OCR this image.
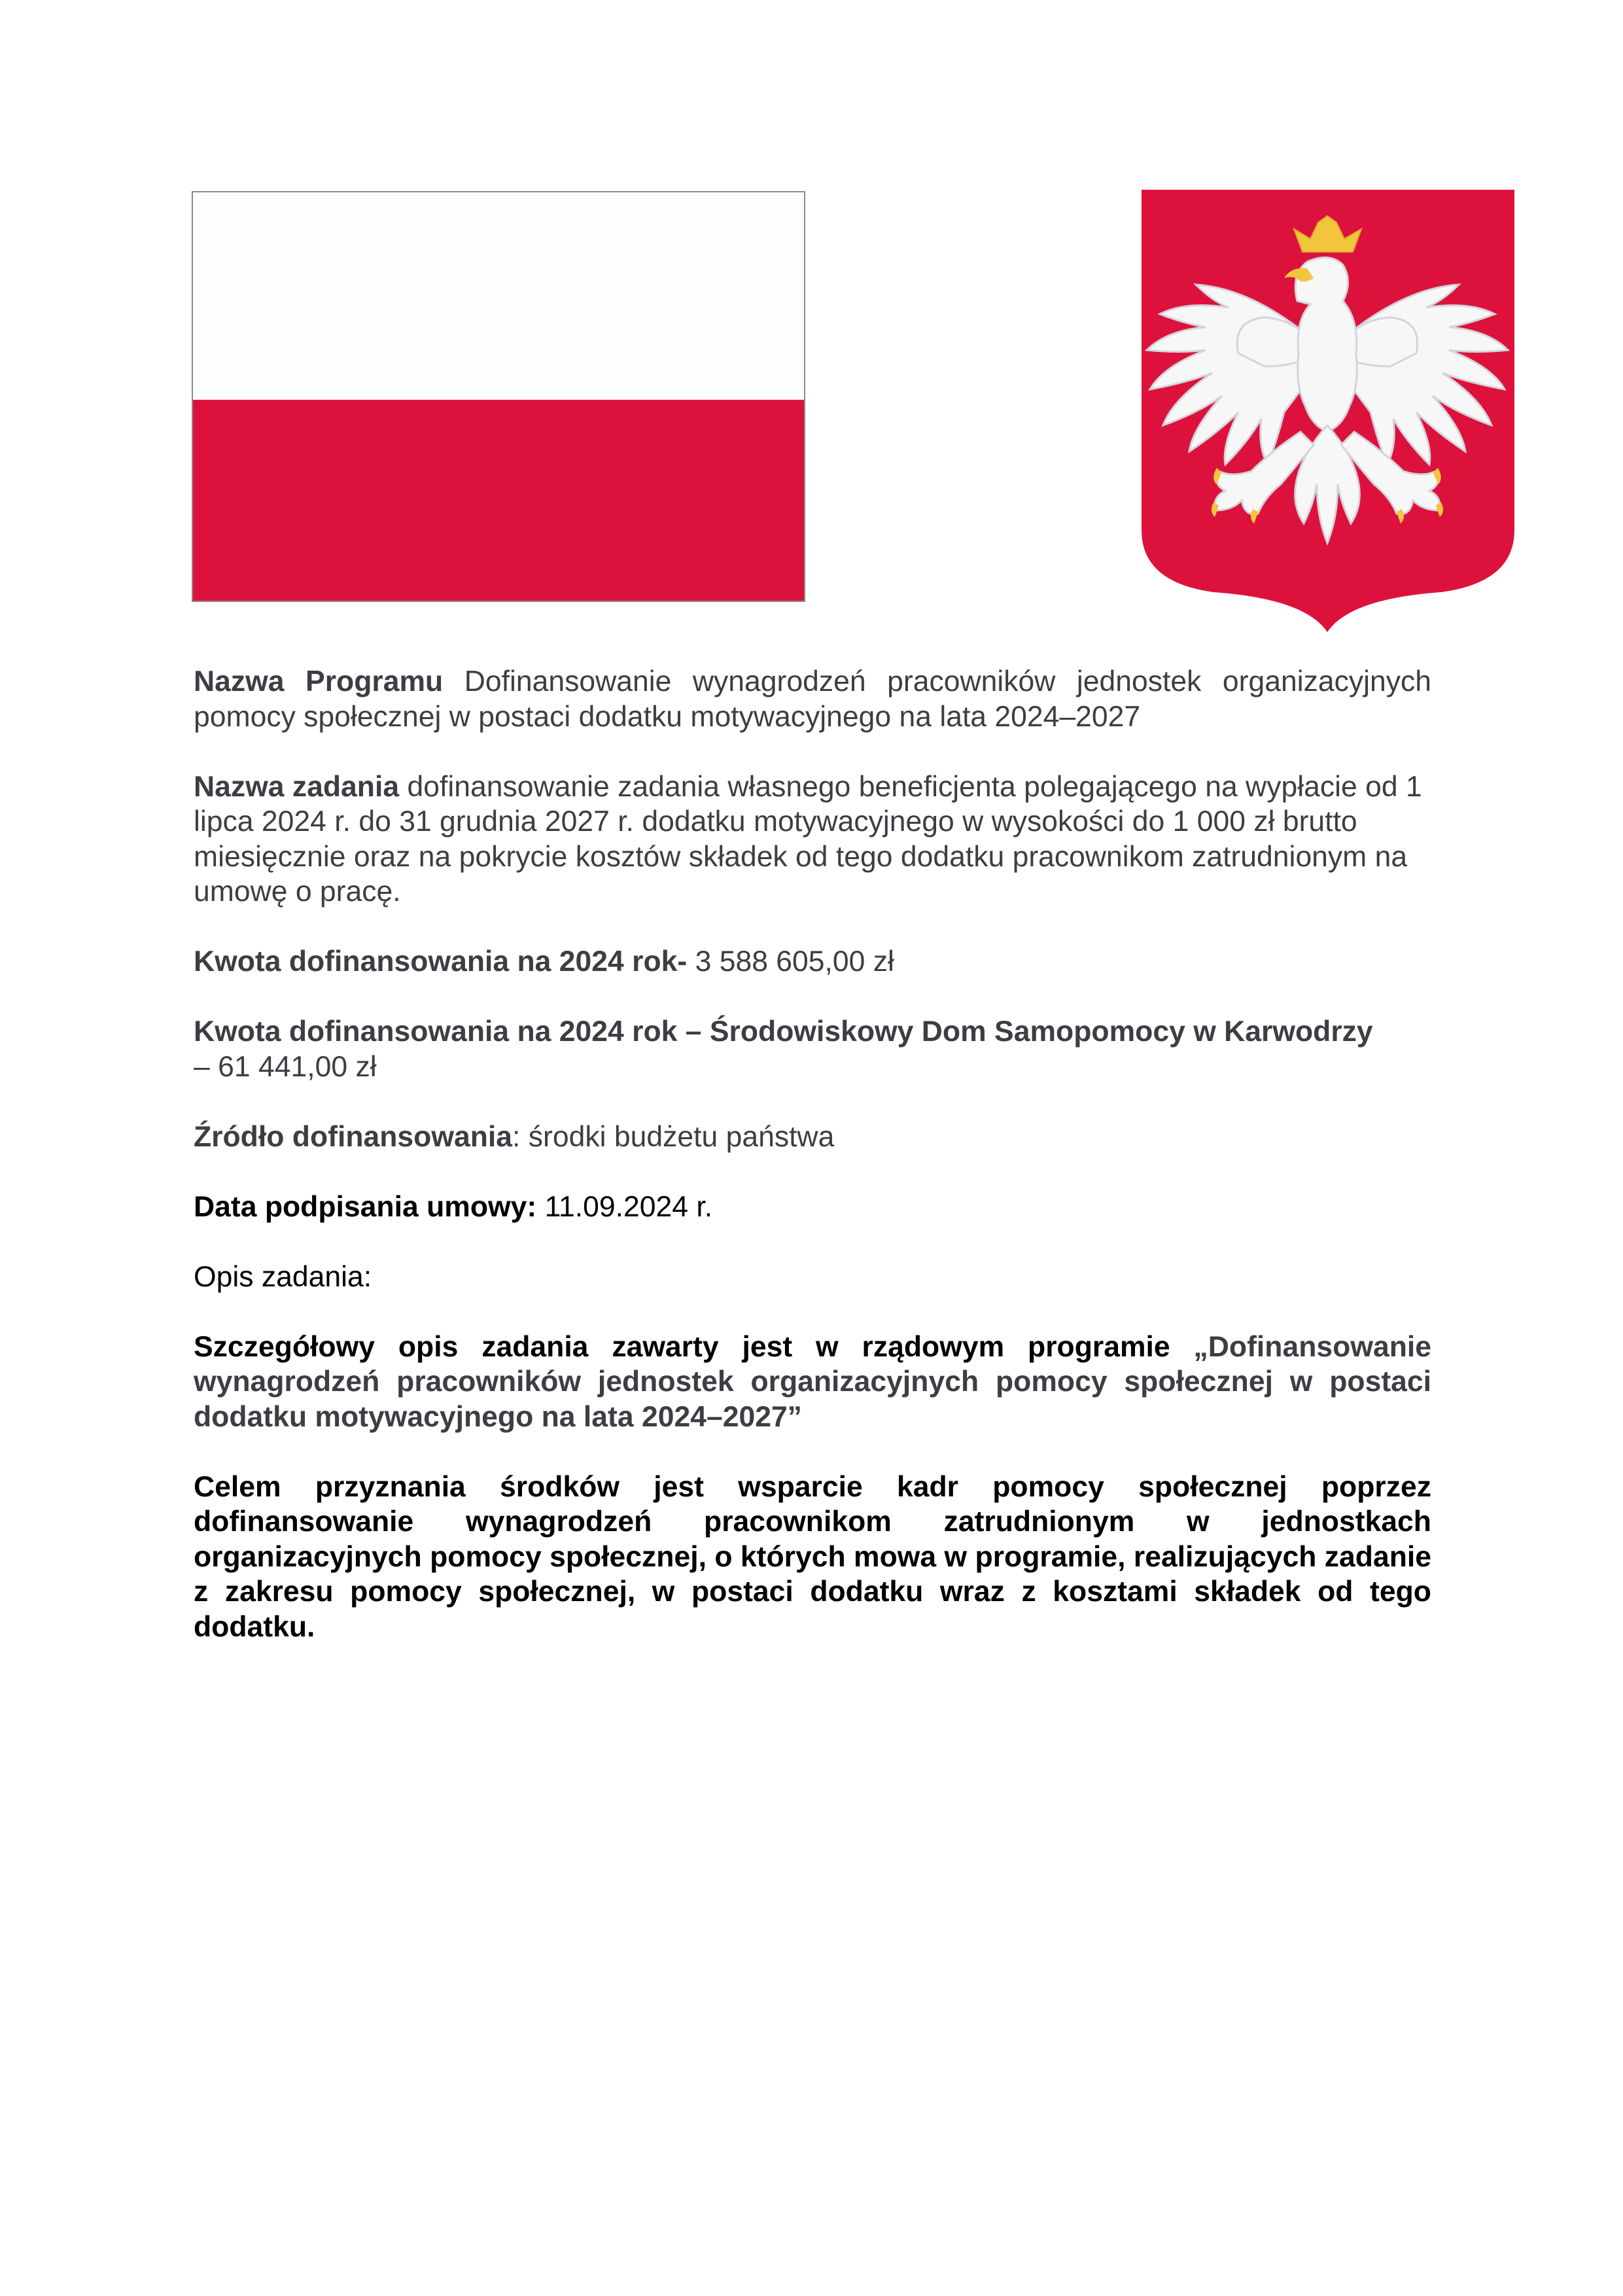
Nazwa Programu Dofinansowanie wynagrodzeń pracowników jednostek organizacyjnych pomocy społecznej w postaci dodatku motywacyjnego na lata 2024–2027

Nazwa zadania dofinansowanie zadania własnego beneficjenta polegającego na wypłacie od 1 lipca 2024 r. do 31 grudnia 2027 r. dodatku motywacyjnego w wysokości do 1 000 zł brutto miesięcznie oraz na pokrycie kosztów składek od tego dodatku pracownikom zatrudnionym na umowę o pracę.

Kwota dofinansowania na 2024 rok- 3 588 605,00 zł

Kwota dofinansowania na 2024 rok – Środowiskowy Dom Samopomocy w Karwodrzy
– 61 441,00 zł

Źródło dofinansowania: środki budżetu państwa

Data podpisania umowy: 11.09.2024 r.

Opis zadania:

Szczegółowy opis zadania zawarty jest w rządowym programie „Dofinansowanie wynagrodzeń pracowników jednostek organizacyjnych pomocy społecznej w postaci dodatku motywacyjnego na lata 2024–2027”

Celem przyznania środków jest wsparcie kadr pomocy społecznej poprzez dofinansowanie wynagrodzeń pracownikom zatrudnionym w jednostkach organizacyjnych pomocy społecznej, o których mowa w programie, realizujących zadanie z zakresu pomocy społecznej, w postaci dodatku wraz z kosztami składek od tego dodatku.
